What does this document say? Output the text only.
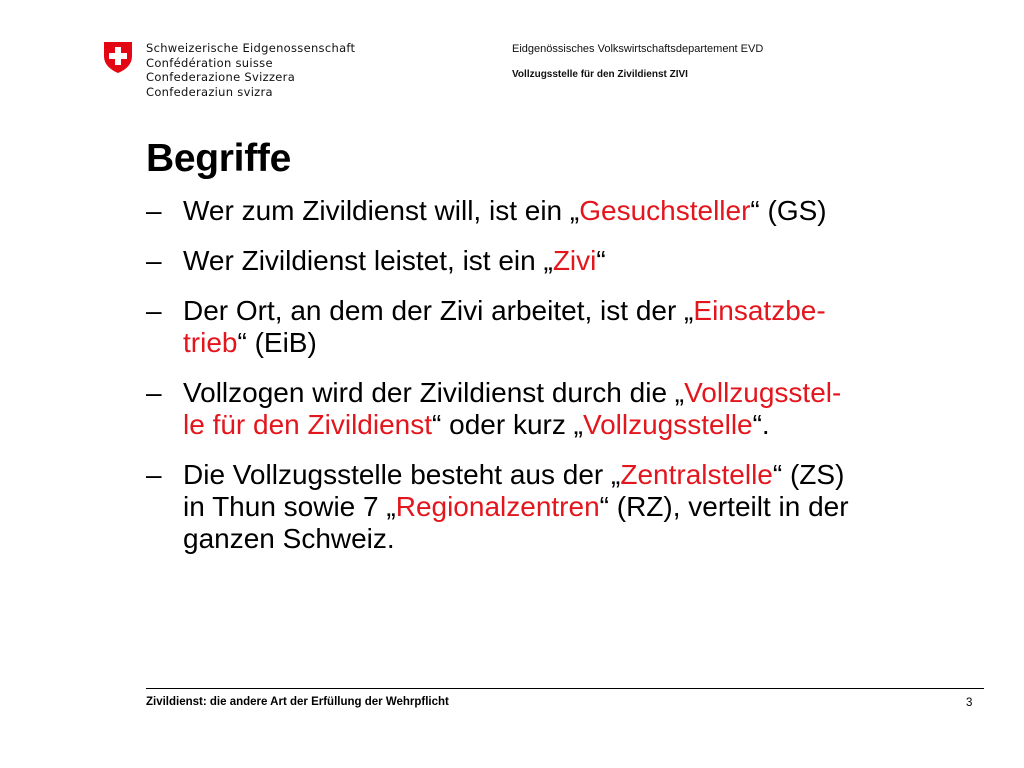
Schweizerische Eidgenossenschaft
Confédération suisse
Confederazione Svizzera
Confederaziun svizra
Eidgenössisches Volkswirtschaftsdepartement EVD
Vollzugsstelle für den Zivildienst ZIVI
Begriffe
– Wer zum Zivildienst will, ist ein „Gesuchsteller“ (GS)
– Wer Zivildienst leistet, ist ein „Zivi“
– Der Ort, an dem der Zivi arbeitet, ist der „Einsatzbe-
trieb“ (EiB)
– Vollzogen wird der Zivildienst durch die „Vollzugsstel-
le für den Zivildienst“ oder kurz „Vollzugsstelle“.
– Die Vollzugsstelle besteht aus der „Zentralstelle“ (ZS)
in Thun sowie 7 „Regionalzentren“ (RZ), verteilt in der
ganzen Schweiz.
Zivildienst: die andere Art der Erfüllung der Wehrpflicht	3
